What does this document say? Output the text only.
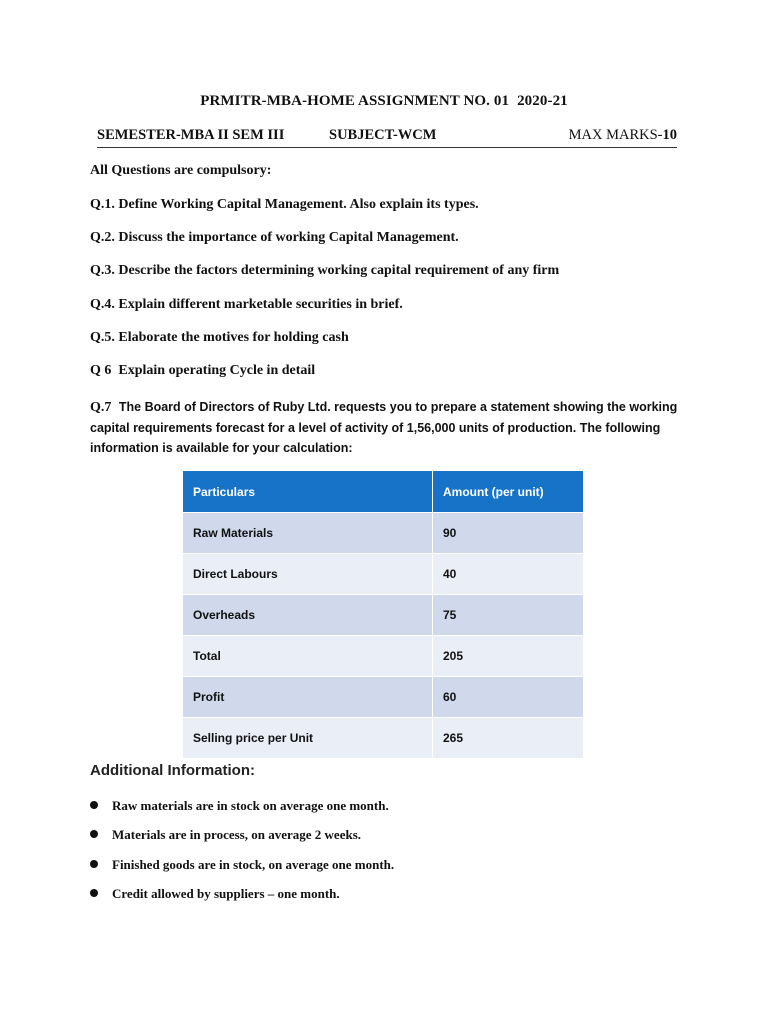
PRMITR-MBA-HOME ASSIGNMENT NO. 01 2020-21
SEMESTER-MBA II SEM III	SUBJECT-WCM	MAX MARKS-10
All Questions are compulsory:
Q.1. Define Working Capital Management. Also explain its types.
Q.2. Discuss the importance of working Capital Management.
Q.3. Describe the factors determining working capital requirement of any firm
Q.4. Explain different marketable securities in brief.
Q.5. Elaborate the motives for holding cash
Q 6  Explain operating Cycle in detail
Q.7 The Board of Directors of Ruby Ltd. requests you to prepare a statement showing the working capital requirements forecast for a level of activity of 1,56,000 units of production. The following information is available for your calculation:
Particulars	Amount (per unit)
Raw Materials	90
Direct Labours	40
Overheads	75
Total	205
Profit	60
Selling price per Unit	265
Additional Information:
Raw materials are in stock on average one month.
Materials are in process, on average 2 weeks.
Finished goods are in stock, on average one month.
Credit allowed by suppliers – one month.
